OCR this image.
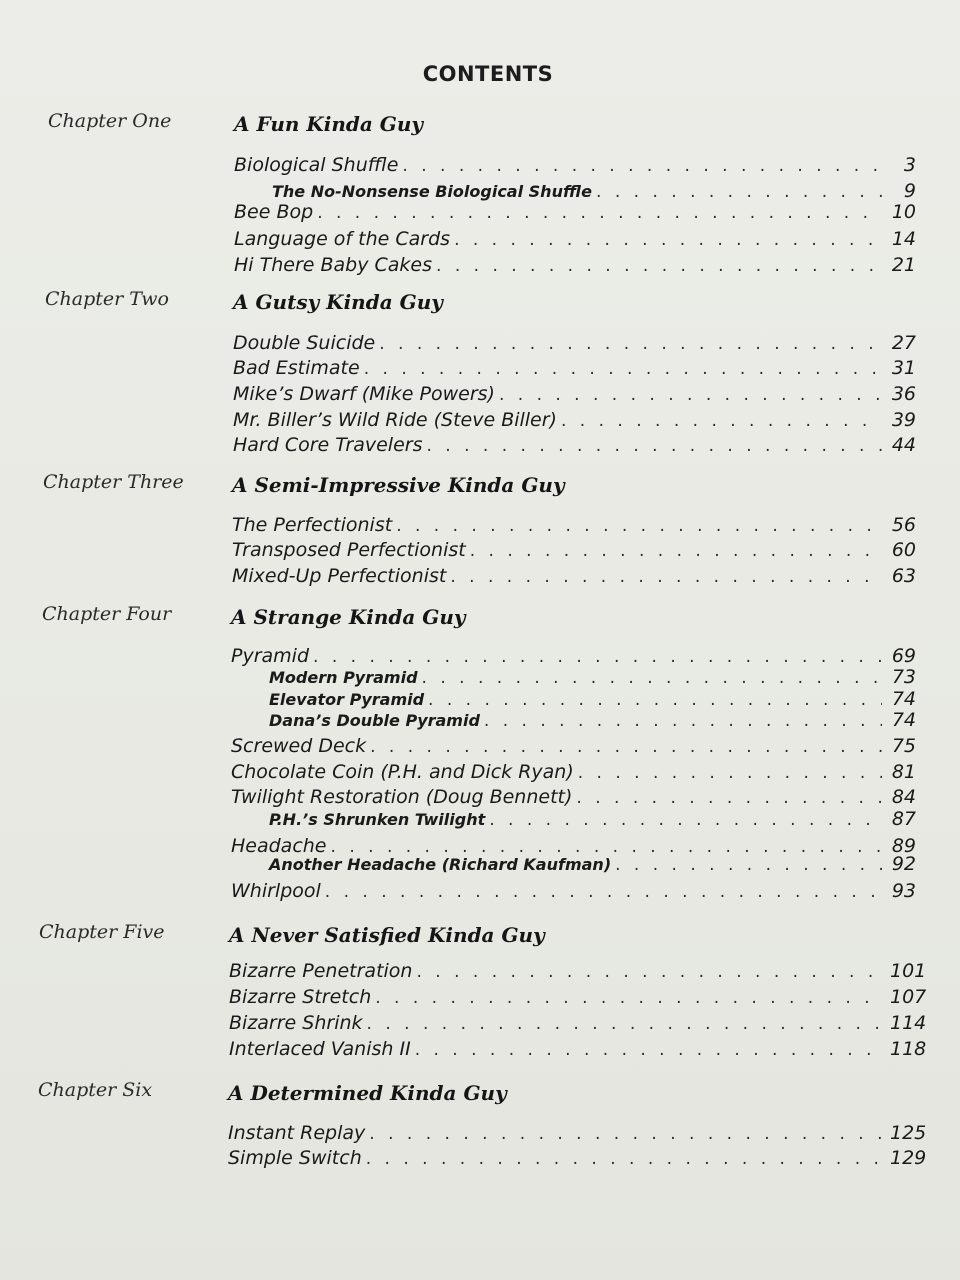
CONTENTS
Chapter One	A Fun Kinda Guy
Biological Shuffle . . .	3
The No-Nonsense Biological Shuffle . . .	9
Bee Bop . . .	10
Language of the Cards . . .	14
Hi There Baby Cakes . . .	21
Chapter Two	A Gutsy Kinda Guy
Double Suicide . . .	27
Bad Estimate . . .	31
Mike’s Dwarf (Mike Powers) . . .	36
Mr. Biller’s Wild Ride (Steve Biller) . . .	39
Hard Core Travelers . . .	44
Chapter Three	A Semi-Impressive Kinda Guy
The Perfectionist . . .	56
Transposed Perfectionist . . .	60
Mixed-Up Perfectionist . . .	63
Chapter Four	A Strange Kinda Guy
Pyramid . . .	69
Modern Pyramid . . .	73
Elevator Pyramid . . .	74
Dana’s Double Pyramid . . .	74
Screwed Deck . . .	75
Chocolate Coin (P.H. and Dick Ryan) . . .	81
Twilight Restoration (Doug Bennett) . . .	84
P.H.’s Shrunken Twilight . . .	87
Headache . . .	89
Another Headache (Richard Kaufman) . . .	92
Whirlpool . . .	93
Chapter Five	A Never Satisfied Kinda Guy
Bizarre Penetration . . .	101
Bizarre Stretch . . .	107
Bizarre Shrink . . .	114
Interlaced Vanish II . . .	118
Chapter Six	A Determined Kinda Guy
Instant Replay . . .	125
Simple Switch . . .	129
